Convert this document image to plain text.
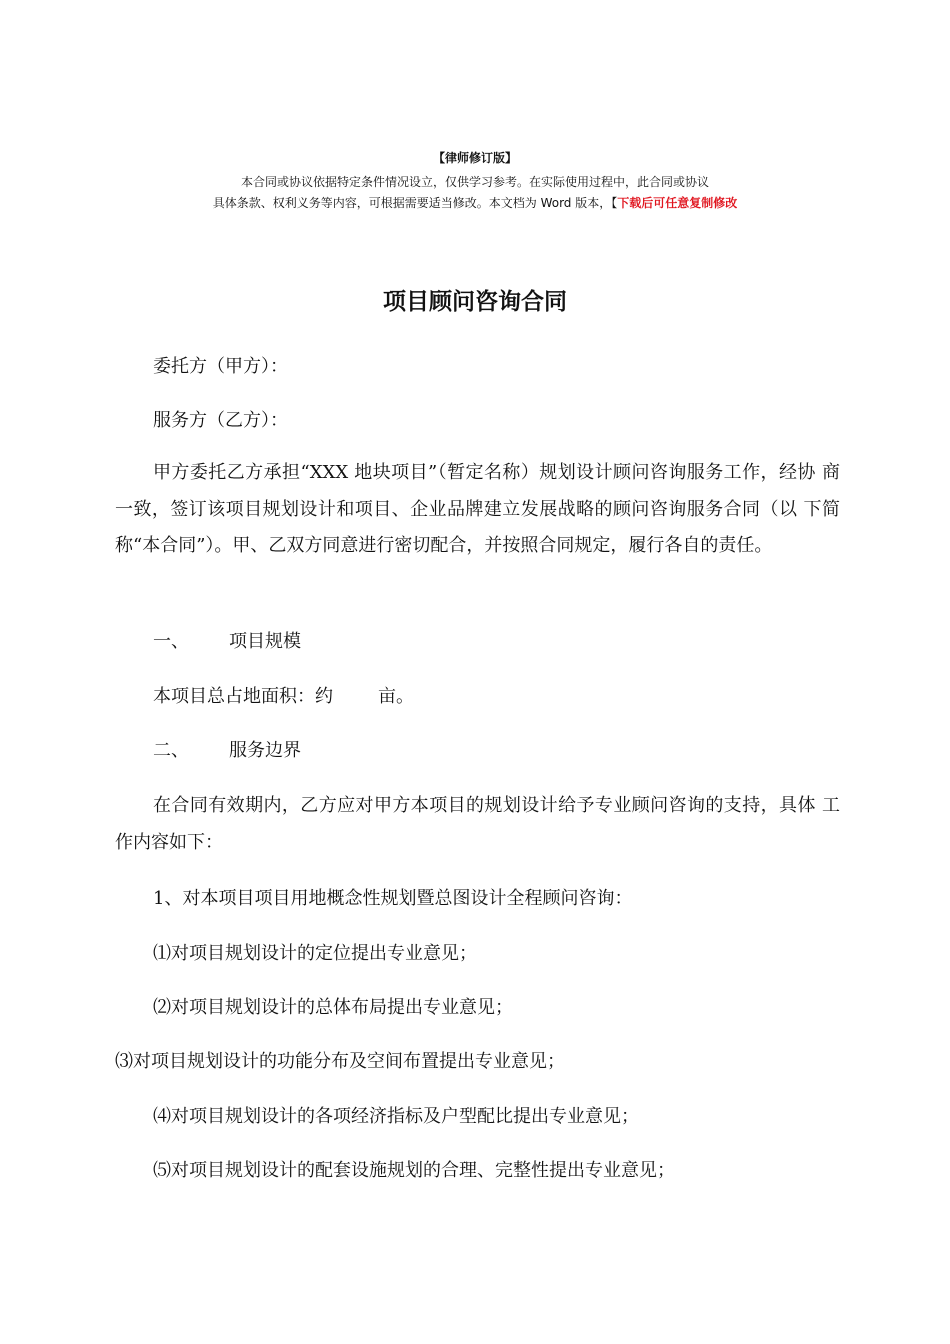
【律师修订版】
本合同或协议依据特定条件情况设立，仅供学习参考。在实际使用过程中，此合同或协议
具体条款、权利义务等内容，可根据需要适当修改。本文档为 Word 版本，【下载后可任意复制修改
项目顾问咨询合同
委托方（甲方）：
服务方（乙方）：
甲方委托乙方承担“XXX 地块项目”（暂定名称）规划设计顾问咨询服务工作，经协 商一致，签订该项目规划设计和项目、企业品牌建立发展战略的顾问咨询服务合同（以 下简称“本合同”）。甲、乙双方同意进行密切配合，并按照合同规定，履行各自的责任。
一、 项目规模
本项目总占地面积：约	亩。
二、 服务边界
在合同有效期内，乙方应对甲方本项目的规划设计给予专业顾问咨询的支持，具体 工作内容如下：
1、对本项目项目用地概念性规划暨总图设计全程顾问咨询：
⑴对项目规划设计的定位提出专业意见；
⑵对项目规划设计的总体布局提出专业意见；
⑶对项目规划设计的功能分布及空间布置提出专业意见；
⑷对项目规划设计的各项经济指标及户型配比提出专业意见；
⑸对项目规划设计的配套设施规划的合理、完整性提出专业意见；
